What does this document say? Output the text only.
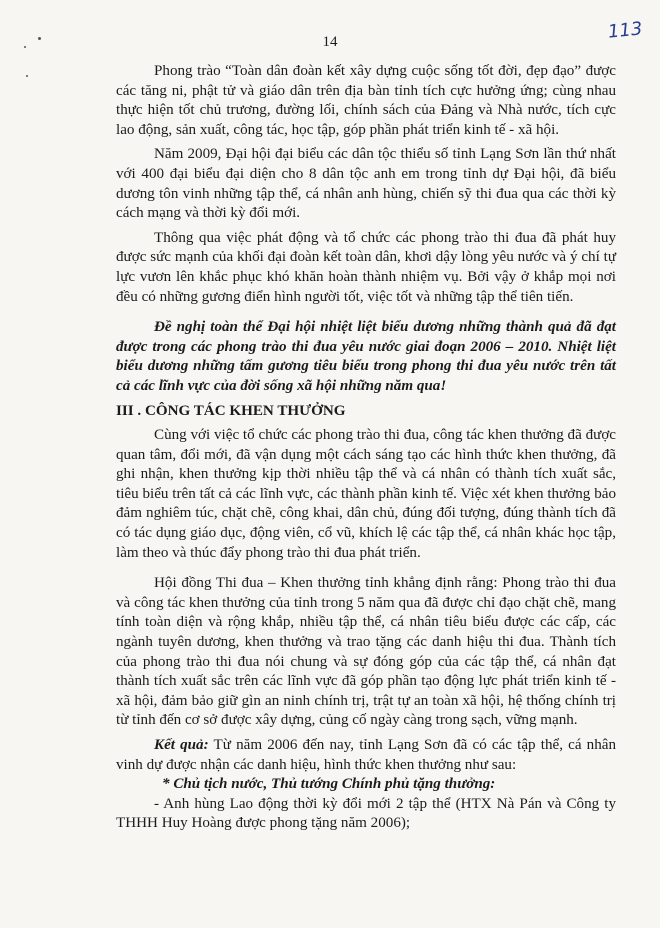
14	113

Phong trào “Toàn dân đoàn kết xây dựng cuộc sống tốt đời, đẹp đạo” được các tăng ni, phật tử và giáo dân trên địa bàn tỉnh tích cực hưởng ứng; cùng nhau thực hiện tốt chủ trương, đường lối, chính sách của Đảng và Nhà nước, tích cực lao động, sản xuất, công tác, học tập, góp phần phát triển kinh tế - xã hội.

Năm 2009, Đại hội đại biểu các dân tộc thiểu số tỉnh Lạng Sơn lần thứ nhất với 400 đại biểu đại diện cho 8 dân tộc anh em trong tỉnh dự Đại hội, đã biểu dương tôn vinh những tập thể, cá nhân anh hùng, chiến sỹ thi đua qua các thời kỳ cách mạng và thời kỳ đổi mới.

Thông qua việc phát động và tổ chức các phong trào thi đua đã phát huy được sức mạnh của khối đại đoàn kết toàn dân, khơi dậy lòng yêu nước và ý chí tự lực vươn lên khắc phục khó khăn hoàn thành nhiệm vụ. Bởi vậy ở khắp mọi nơi đều có những gương điển hình người tốt, việc tốt và những tập thể tiên tiến.

Đề nghị toàn thể Đại hội nhiệt liệt biểu dương những thành quả đã đạt được trong các phong trào thi đua yêu nước giai đoạn 2006 – 2010. Nhiệt liệt biểu dương những tấm gương tiêu biểu trong phong thi đua yêu nước trên tất cả các lĩnh vực của đời sống xã hội những năm qua!

III . CÔNG TÁC KHEN THƯỞNG

Cùng với việc tổ chức các phong trào thi đua, công tác khen thưởng đã được quan tâm, đổi mới, đã vận dụng một cách sáng tạo các hình thức khen thưởng, đã ghi nhận, khen thưởng kịp thời nhiều tập thể và cá nhân có thành tích xuất sắc, tiêu biểu trên tất cả các lĩnh vực, các thành phần kinh tế. Việc xét khen thưởng bảo đảm nghiêm túc, chặt chẽ, công khai, dân chủ, đúng đối tượng, đúng thành tích đã có tác dụng giáo dục, động viên, cổ vũ, khích lệ các tập thể, cá nhân khác học tập, làm theo và thúc đẩy phong trào thi đua phát triển.

Hội đồng Thi đua – Khen thưởng tỉnh khẳng định rằng: Phong trào thi đua và công tác khen thưởng của tỉnh trong 5 năm qua đã được chỉ đạo chặt chẽ, mang tính toàn diện và rộng khắp, nhiều tập thể, cá nhân tiêu biểu được các cấp, các ngành tuyên dương, khen thưởng và trao tặng các danh hiệu thi đua. Thành tích của phong trào thi đua nói chung và sự đóng góp của các tập thể, cá nhân đạt thành tích xuất sắc trên các lĩnh vực đã góp phần tạo động lực phát triển kinh tế - xã hội, đảm bảo giữ gìn an ninh chính trị, trật tự an toàn xã hội, hệ thống chính trị từ tỉnh đến cơ sở được xây dựng, củng cố ngày càng trong sạch, vững mạnh.

Kết quả: Từ năm 2006 đến nay, tỉnh Lạng Sơn đã có các tập thể, cá nhân vinh dự được nhận các danh hiệu, hình thức khen thưởng như sau:

* Chủ tịch nước, Thủ tướng Chính phủ tặng thưởng:

- Anh hùng Lao động thời kỳ đổi mới 2 tập thể (HTX Nà Pán và Công ty THHH Huy Hoàng được phong tặng năm 2006);
